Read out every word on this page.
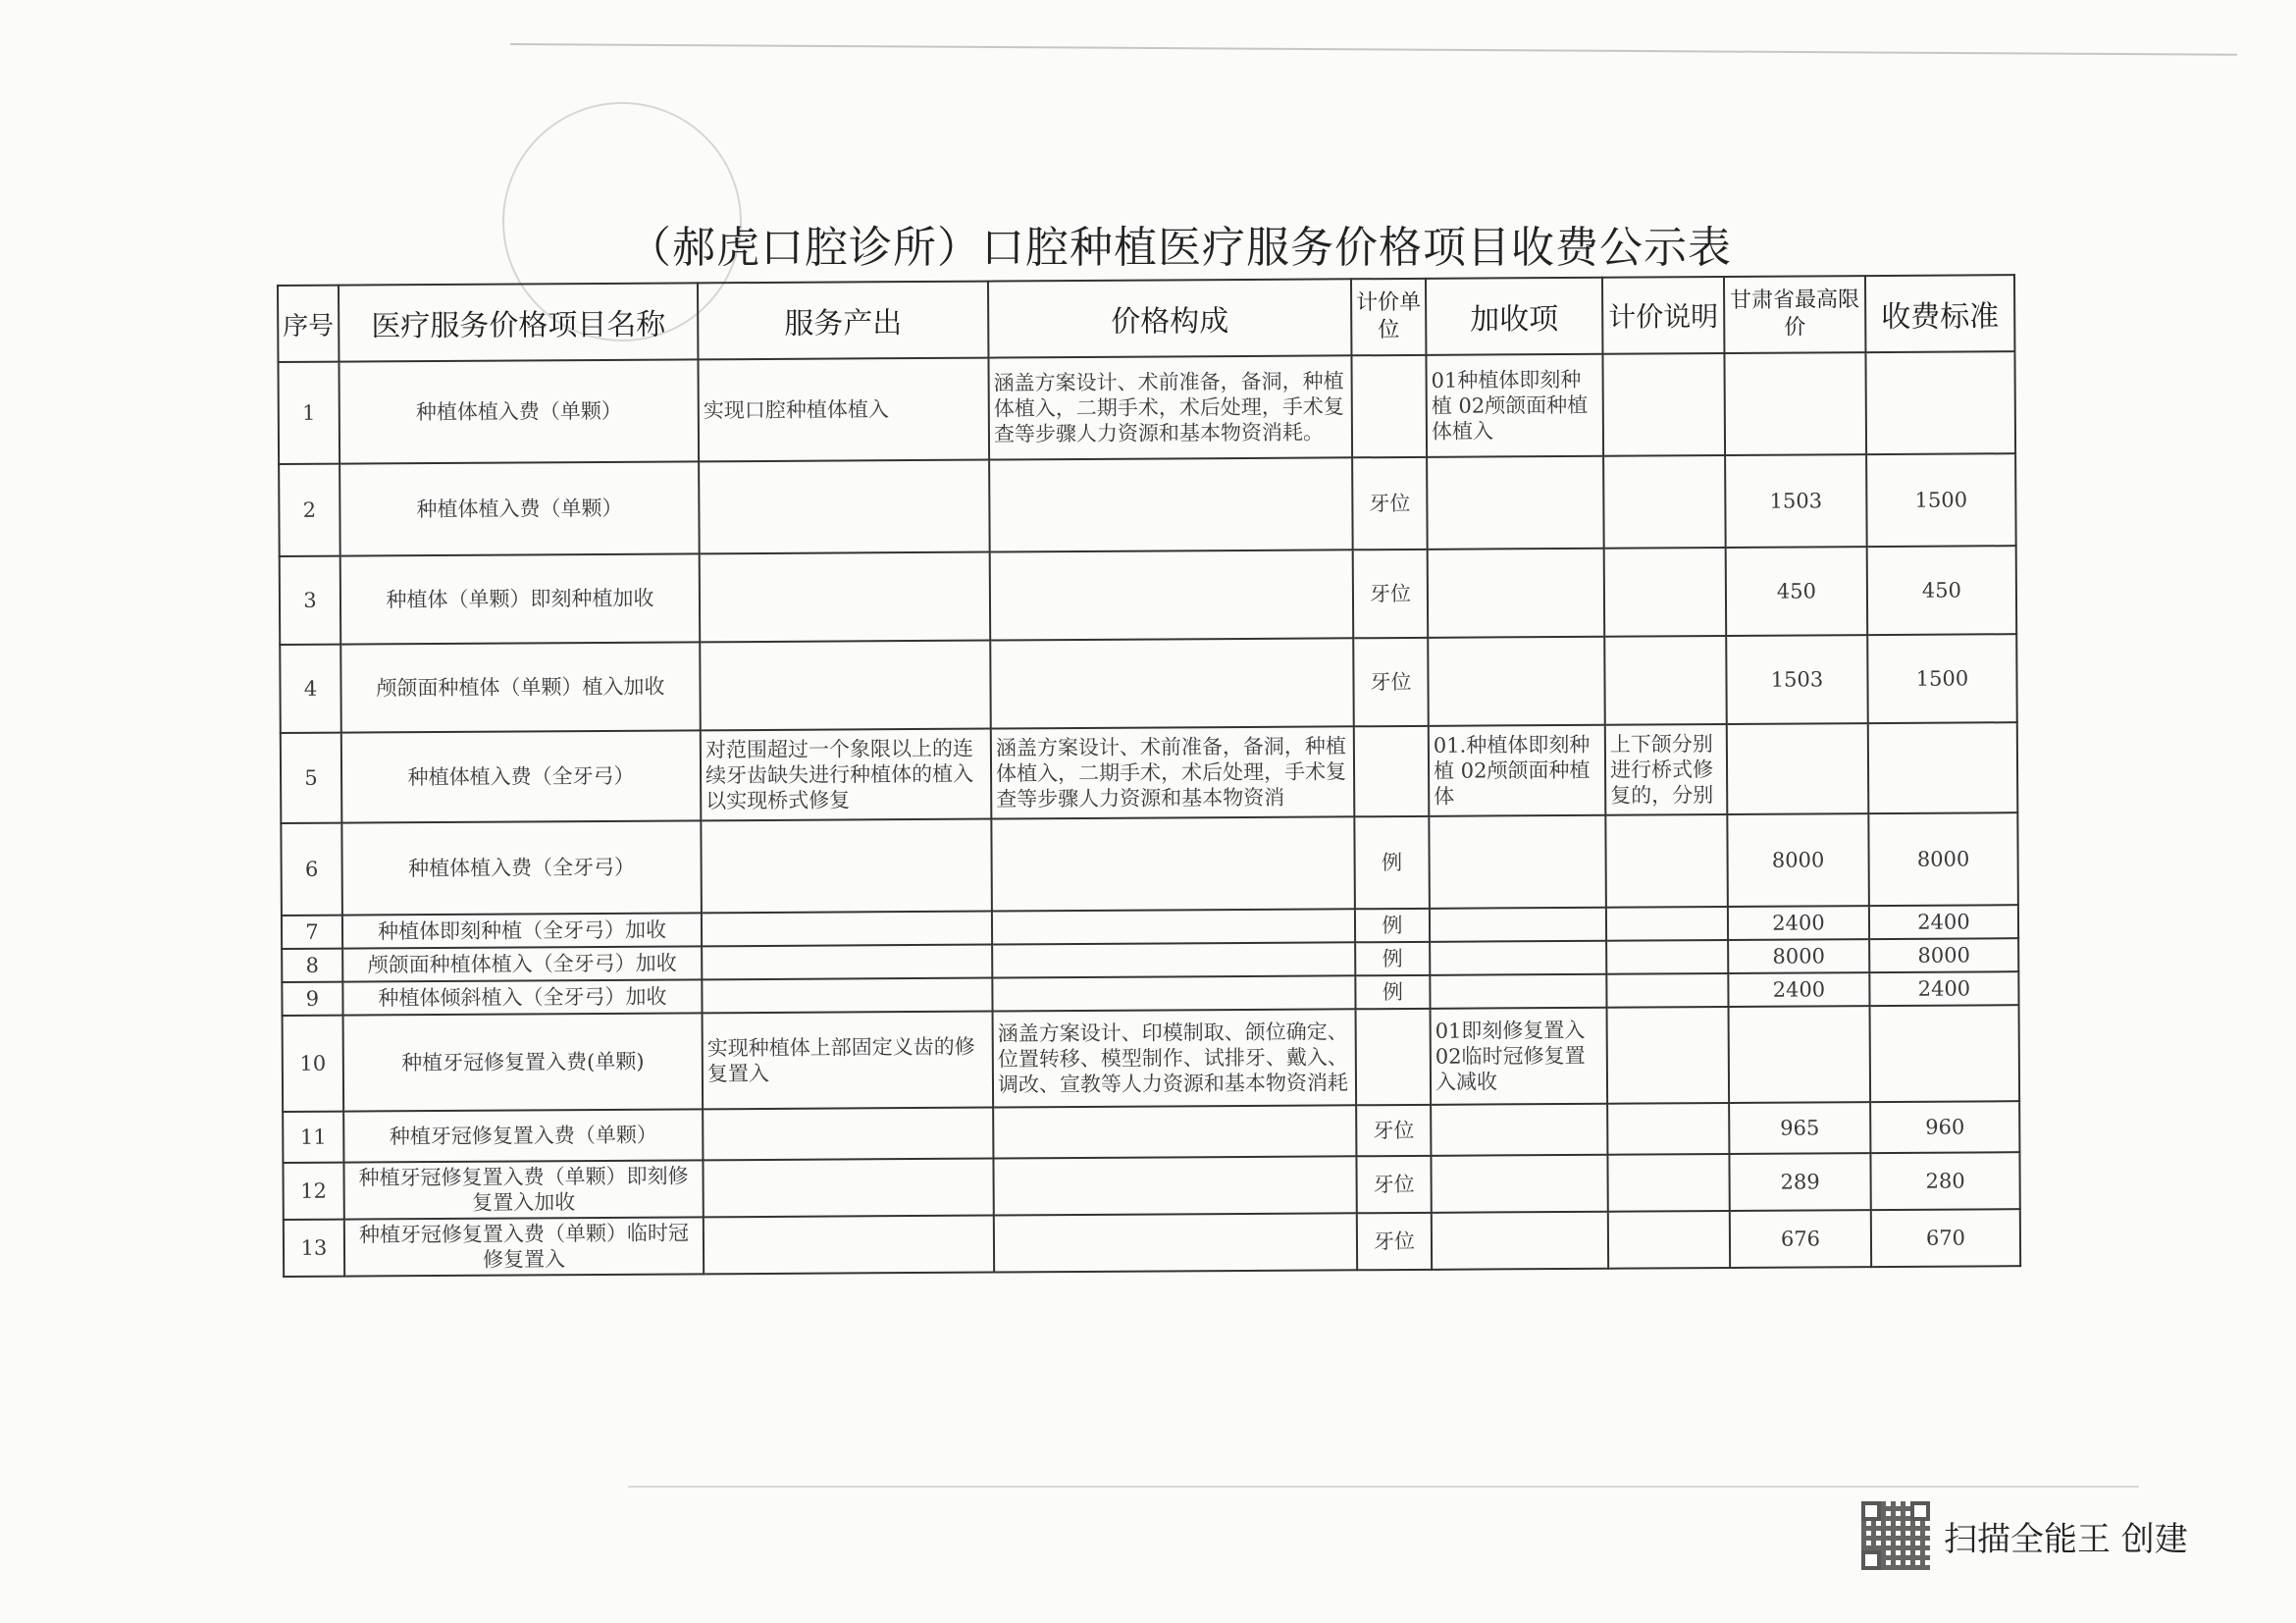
（郝虎口腔诊所）口腔种植医疗服务价格项目收费公示表
序号	医疗服务价格项目名称	服务产出	价格构成	计价单位	加收项	计价说明	甘肃省最高限价	收费标准
1	种植体植入费（单颗）	实现口腔种植体植入	涵盖方案设计、术前准备，备洞，种植体植入，二期手术，术后处理，手术复查等步骤人力资源和基本物资消耗。		01种植体即刻种植 02颅颌面种植体植入			

2	种植体植入费（单颗）			牙位			1503	1500
3	种植体（单颗）即刻种植加收			牙位			450	450
4	颅颌面种植体（单颗）植入加收			牙位			1503	1500
5	种植体植入费（全牙弓）	对范围超过一个象限以上的连续牙齿缺失进行种植体的植入以实现桥式修复	涵盖方案设计、术前准备，备洞，种植体植入，二期手术，术后处理，手术复查等步骤人力资源和基本物资消		01.种植体即刻种植 02颅颌面种植体	上下颌分别进行桥式修复的，分别		

6	种植体植入费（全牙弓）			例			8000	8000
7	种植体即刻种植（全牙弓）加收			例			2400	2400
8	颅颌面种植体植入（全牙弓）加收			例			8000	8000
9	种植体倾斜植入（全牙弓）加收			例			2400	2400
10	种植牙冠修复置入费(单颗)	实现种植体上部固定义齿的修复置入	涵盖方案设计、印模制取、颌位确定、位置转移、模型制作、试排牙、戴入、调改、宣教等人力资源和基本物资消耗		01即刻修复置入 02临时冠修复置入减收			

11	种植牙冠修复置入费（单颗）			牙位			965	960
12	种植牙冠修复置入费（单颗）即刻修复置入加收			牙位			289	280
13	种植牙冠修复置入费（单颗）临时冠修复置入			牙位			676	670
扫描全能王 创建
